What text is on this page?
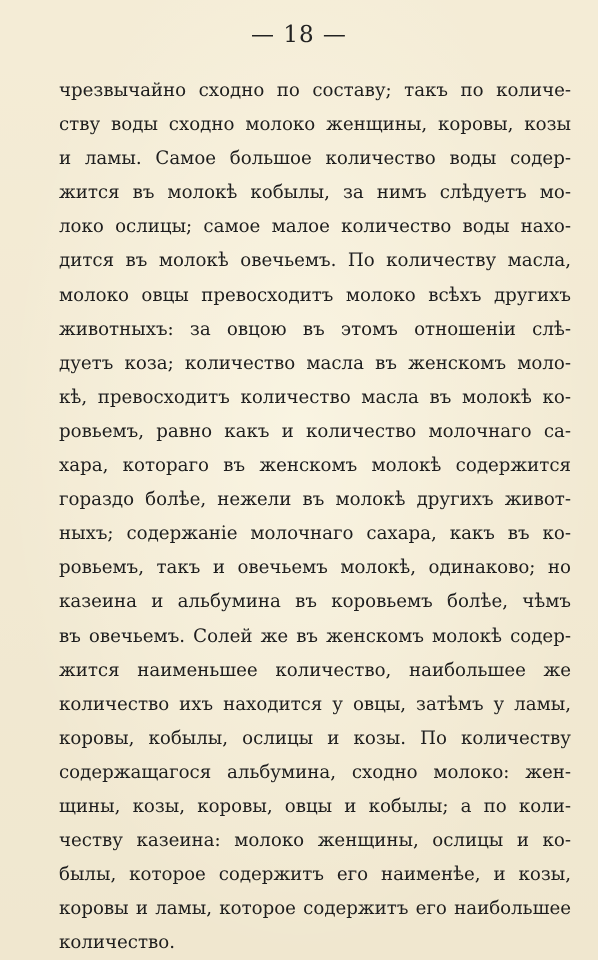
— 18 —
чрезвычайно сходно по составу; такъ по количе-
ству воды сходно молоко женщины, коровы, козы
и ламы. Самое большое количество воды содер-
жится въ молокѣ кобылы, за нимъ слѣдуетъ мо-
локо ослицы; самое малое количество воды нахо-
дится въ молокѣ овечьемъ. По количеству масла,
молоко овцы превосходитъ молоко всѣхъ другихъ
животныхъ: за овцою въ этомъ отношенiи слѣ-
дуетъ коза; количество масла въ женскомъ моло-
кѣ, превосходитъ количество масла въ молокѣ ко-
ровьемъ, равно какъ и количество молочнаго са-
хара, котораго въ женскомъ молокѣ содержится
гораздо болѣе, нежели въ молокѣ другихъ живот-
ныхъ; содержанiе молочнаго сахара, какъ въ ко-
ровьемъ, такъ и овечьемъ молокѣ, одинаково; но
казеина и альбумина въ коровьемъ болѣе, чѣмъ
въ овечьемъ. Солей же въ женскомъ молокѣ содер-
жится наименьшее количество, наибольшее же
количество ихъ находится у овцы, затѣмъ у ламы,
коровы, кобылы, ослицы и козы. По количеству
содержащагося альбумина, сходно молоко: жен-
щины, козы, коровы, овцы и кобылы; а по коли-
честву казеина: молоко женщины, ослицы и ко-
былы, которое содержитъ его наименѣе, и козы,
коровы и ламы, которое содержитъ его наибольшее
количество.
